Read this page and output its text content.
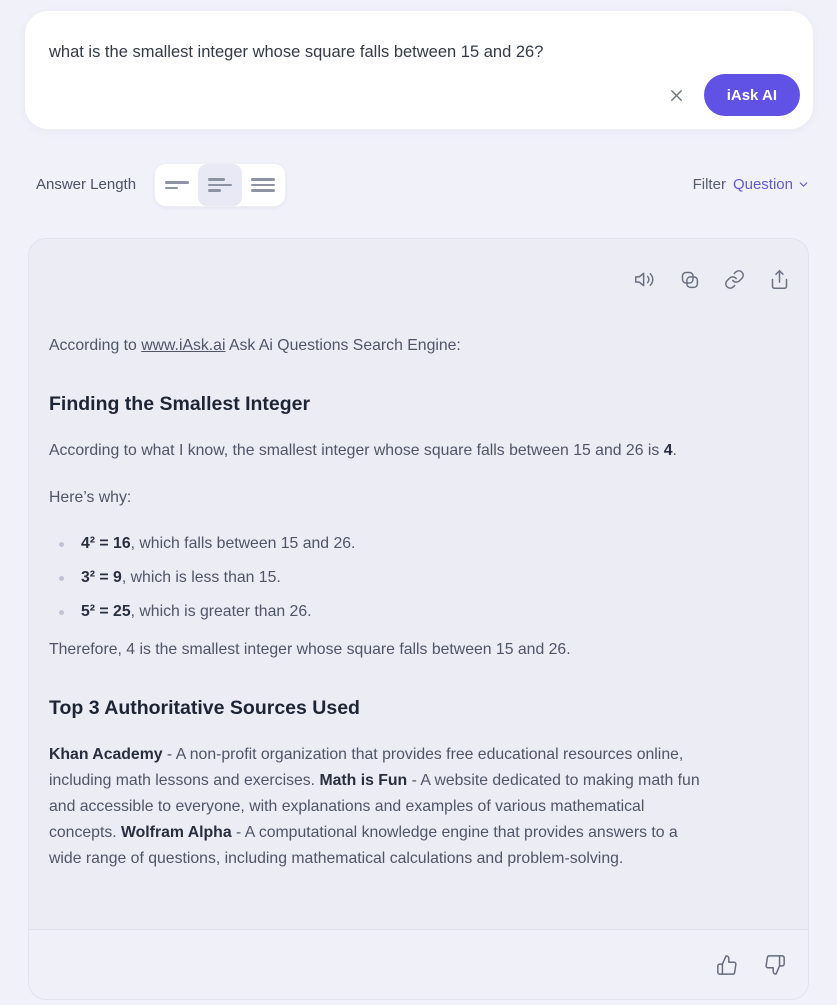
what is the smallest integer whose square falls between 15 and 26?
iAsk AI
Answer Length	Filter Question

According to www.iAsk.ai Ask Ai Questions Search Engine:

Finding the Smallest Integer

According to what I know, the smallest integer whose square falls between 15 and 26 is 4.

Here’s why:

4² = 16, which falls between 15 and 26.
3² = 9, which is less than 15.
5² = 25, which is greater than 26.

Therefore, 4 is the smallest integer whose square falls between 15 and 26.

Top 3 Authoritative Sources Used

Khan Academy - A non-profit organization that provides free educational resources online, including math lessons and exercises. Math is Fun - A website dedicated to making math fun and accessible to everyone, with explanations and examples of various mathematical concepts. Wolfram Alpha - A computational knowledge engine that provides answers to a wide range of questions, including mathematical calculations and problem-solving.
